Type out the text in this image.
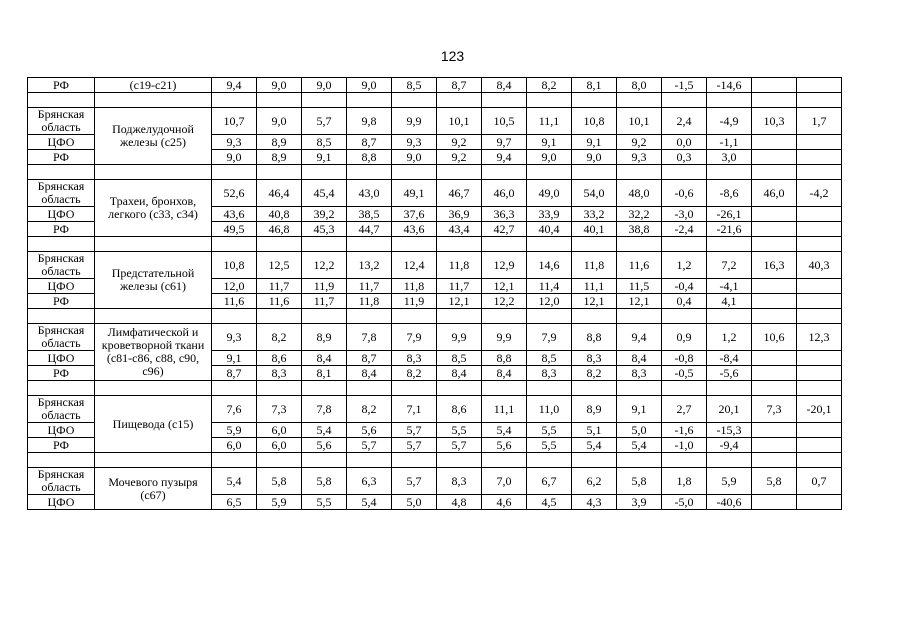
123
РФ	(c19-c21)	9,4	9,0	9,0	9,0	8,5	8,7	8,4	8,2	8,1	8,0	-1,5	-14,6		

Брянская область	Поджелудочной железы (c25)	10,7	9,0	5,7	9,8	9,9	10,1	10,5	11,1	10,8	10,1	2,4	-4,9	10,3	1,7
ЦФО		9,3	8,9	8,5	8,7	9,3	9,2	9,7	9,1	9,1	9,2	0,0	-1,1		
РФ		9,0	8,9	9,1	8,8	9,0	9,2	9,4	9,0	9,0	9,3	0,3	3,0		

Брянская область	Трахеи, бронхов, легкого (c33, c34)	52,6	46,4	45,4	43,0	49,1	46,7	46,0	49,0	54,0	48,0	-0,6	-8,6	46,0	-4,2
ЦФО		43,6	40,8	39,2	38,5	37,6	36,9	36,3	33,9	33,2	32,2	-3,0	-26,1		
РФ		49,5	46,8	45,3	44,7	43,6	43,4	42,7	40,4	40,1	38,8	-2,4	-21,6		

Брянская область	Предстательной железы (c61)	10,8	12,5	12,2	13,2	12,4	11,8	12,9	14,6	11,8	11,6	1,2	7,2	16,3	40,3
ЦФО		12,0	11,7	11,9	11,7	11,8	11,7	12,1	11,4	11,1	11,5	-0,4	-4,1		
РФ		11,6	11,6	11,7	11,8	11,9	12,1	12,2	12,0	12,1	12,1	0,4	4,1		

Брянская область	Лимфатической и кроветворной ткани (c81-c86, c88, c90, c96)	9,3	8,2	8,9	7,8	7,9	9,9	9,9	7,9	8,8	9,4	0,9	1,2	10,6	12,3
ЦФО		9,1	8,6	8,4	8,7	8,3	8,5	8,8	8,5	8,3	8,4	-0,8	-8,4		
РФ		8,7	8,3	8,1	8,4	8,2	8,4	8,4	8,3	8,2	8,3	-0,5	-5,6		

Брянская область	Пищевода (c15)	7,6	7,3	7,8	8,2	7,1	8,6	11,1	11,0	8,9	9,1	2,7	20,1	7,3	-20,1
ЦФО		5,9	6,0	5,4	5,6	5,7	5,5	5,4	5,5	5,1	5,0	-1,6	-15,3		
РФ		6,0	6,0	5,6	5,7	5,7	5,7	5,6	5,5	5,4	5,4	-1,0	-9,4		

Брянская область	Мочевого пузыря (c67)	5,4	5,8	5,8	6,3	5,7	8,3	7,0	6,7	6,2	5,8	1,8	5,9	5,8	0,7
ЦФО		6,5	5,9	5,5	5,4	5,0	4,8	4,6	4,5	4,3	3,9	-5,0	-40,6		
